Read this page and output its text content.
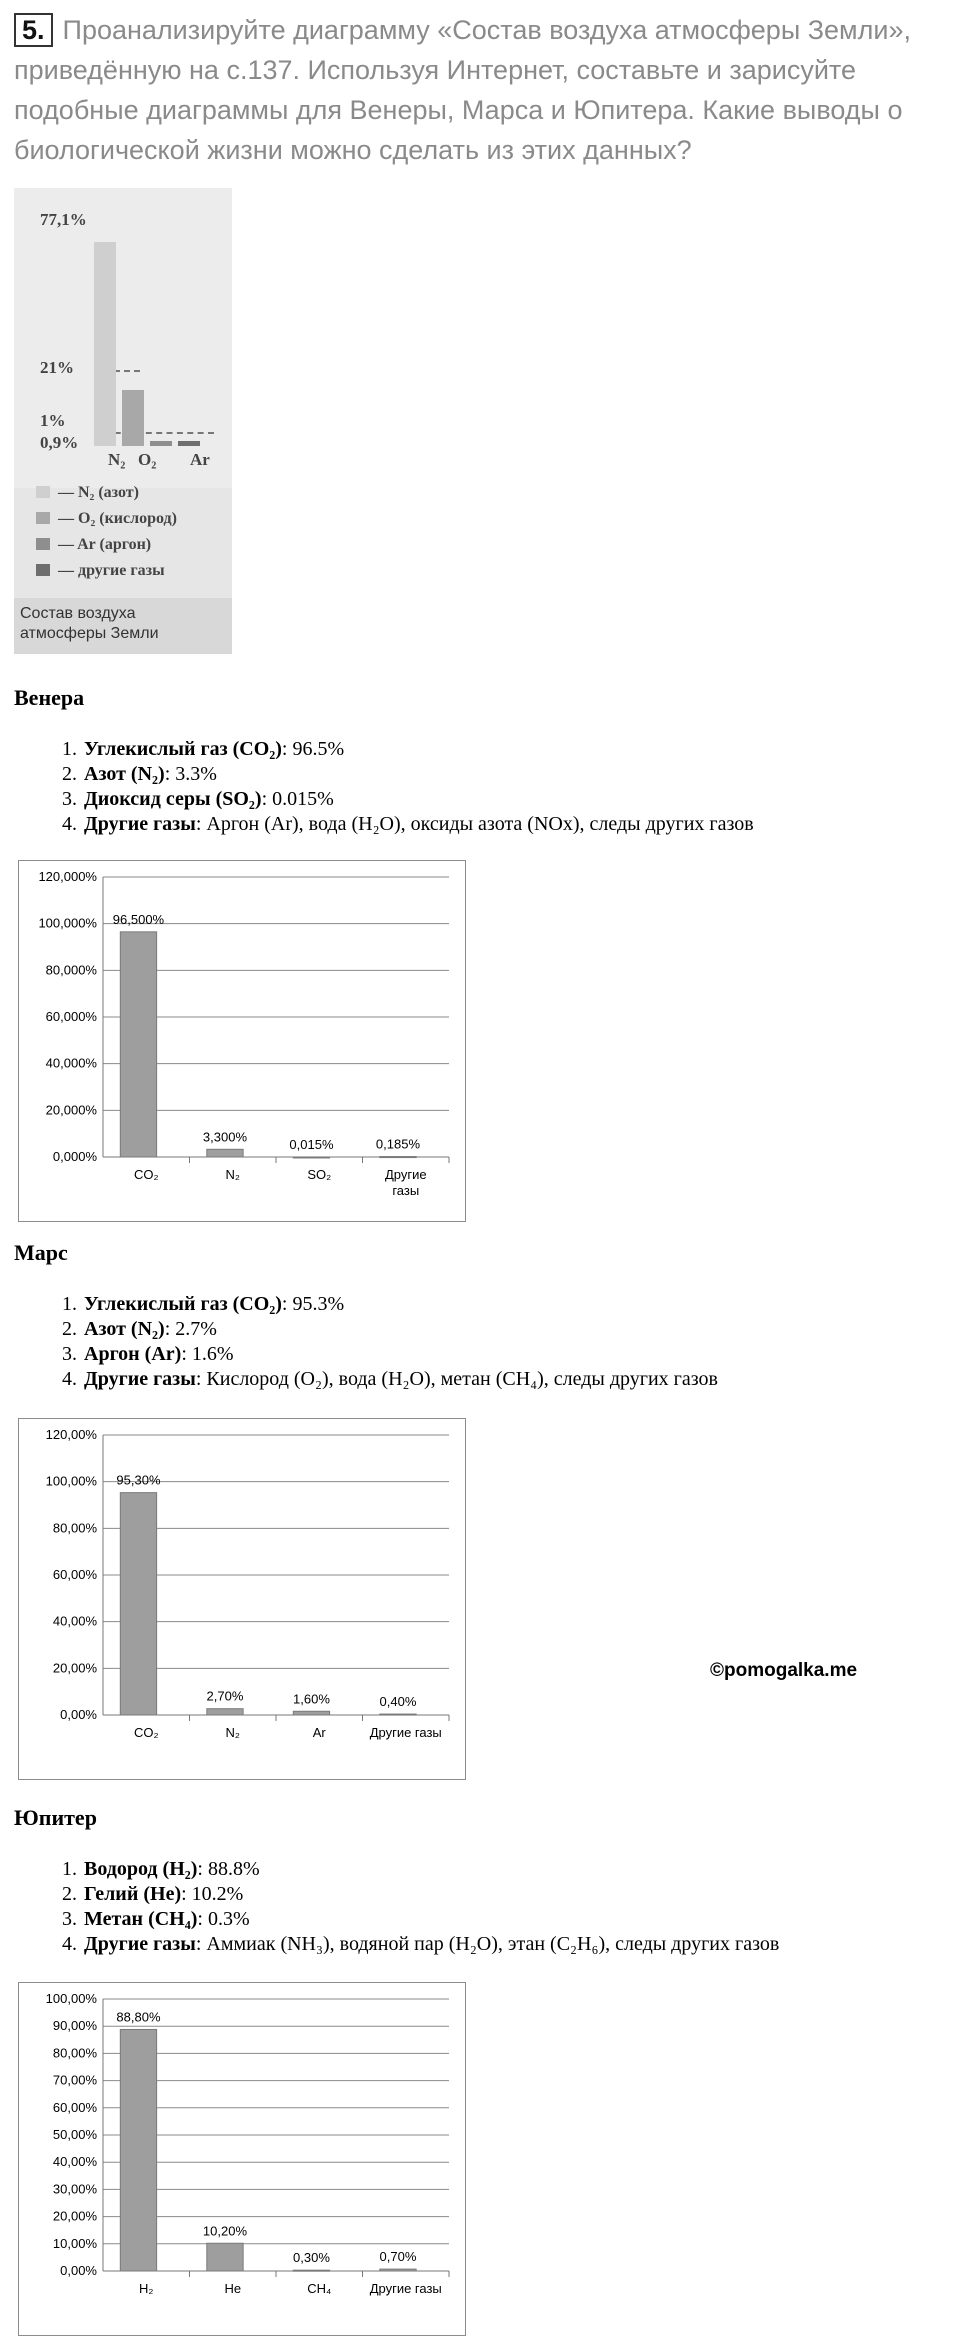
5. Проанализируйте диаграмму «Состав воздуха атмосферы Земли», приведённую на с.137. Используя Интернет, составьте и зарисуйте подобные диаграммы для Венеры, Марса и Юпитера. Какие выводы о биологической жизни можно сделать из этих данных?
77,1%
21%
1%
0,9%
N₂ O₂ Ar
— N₂ (азот)
— O₂ (кислород)
— Ar (аргон)
— другие газы
Состав воздуха атмосферы Земли
Венера
1. Углекислый газ (CO₂): 96.5%
2. Азот (N₂): 3.3%
3. Диоксид серы (SO₂): 0.015%
4. Другие газы: Аргон (Ar), вода (H₂O), оксиды азота (NOx), следы других газов
0,000%
20,000%
40,000%
60,000%
80,000%
100,000%
120,000%
96,500%
CO₂
3,300%
N₂
0,015%
SO₂
0,185%
Другие
газы
Марс
1. Углекислый газ (CO₂): 95.3%
2. Азот (N₂): 2.7%
3. Аргон (Ar): 1.6%
4. Другие газы: Кислород (O₂), вода (H₂O), метан (CH₄), следы других газов
0,00%
20,00%
40,00%
60,00%
80,00%
100,00%
120,00%
95,30%
CO₂
2,70%
N₂
1,60%
Ar
0,40%
Другие газы
©pomogalka.me
Юпитер
1. Водород (H₂): 88.8%
2. Гелий (He): 10.2%
3. Метан (CH₄): 0.3%
4. Другие газы: Аммиак (NH₃), водяной пар (H₂O), этан (C₂H₆), следы других газов
0,00%
10,00%
20,00%
30,00%
40,00%
50,00%
60,00%
70,00%
80,00%
90,00%
100,00%
88,80%
H₂
10,20%
He
0,30%
CH₄
0,70%
Другие газы
